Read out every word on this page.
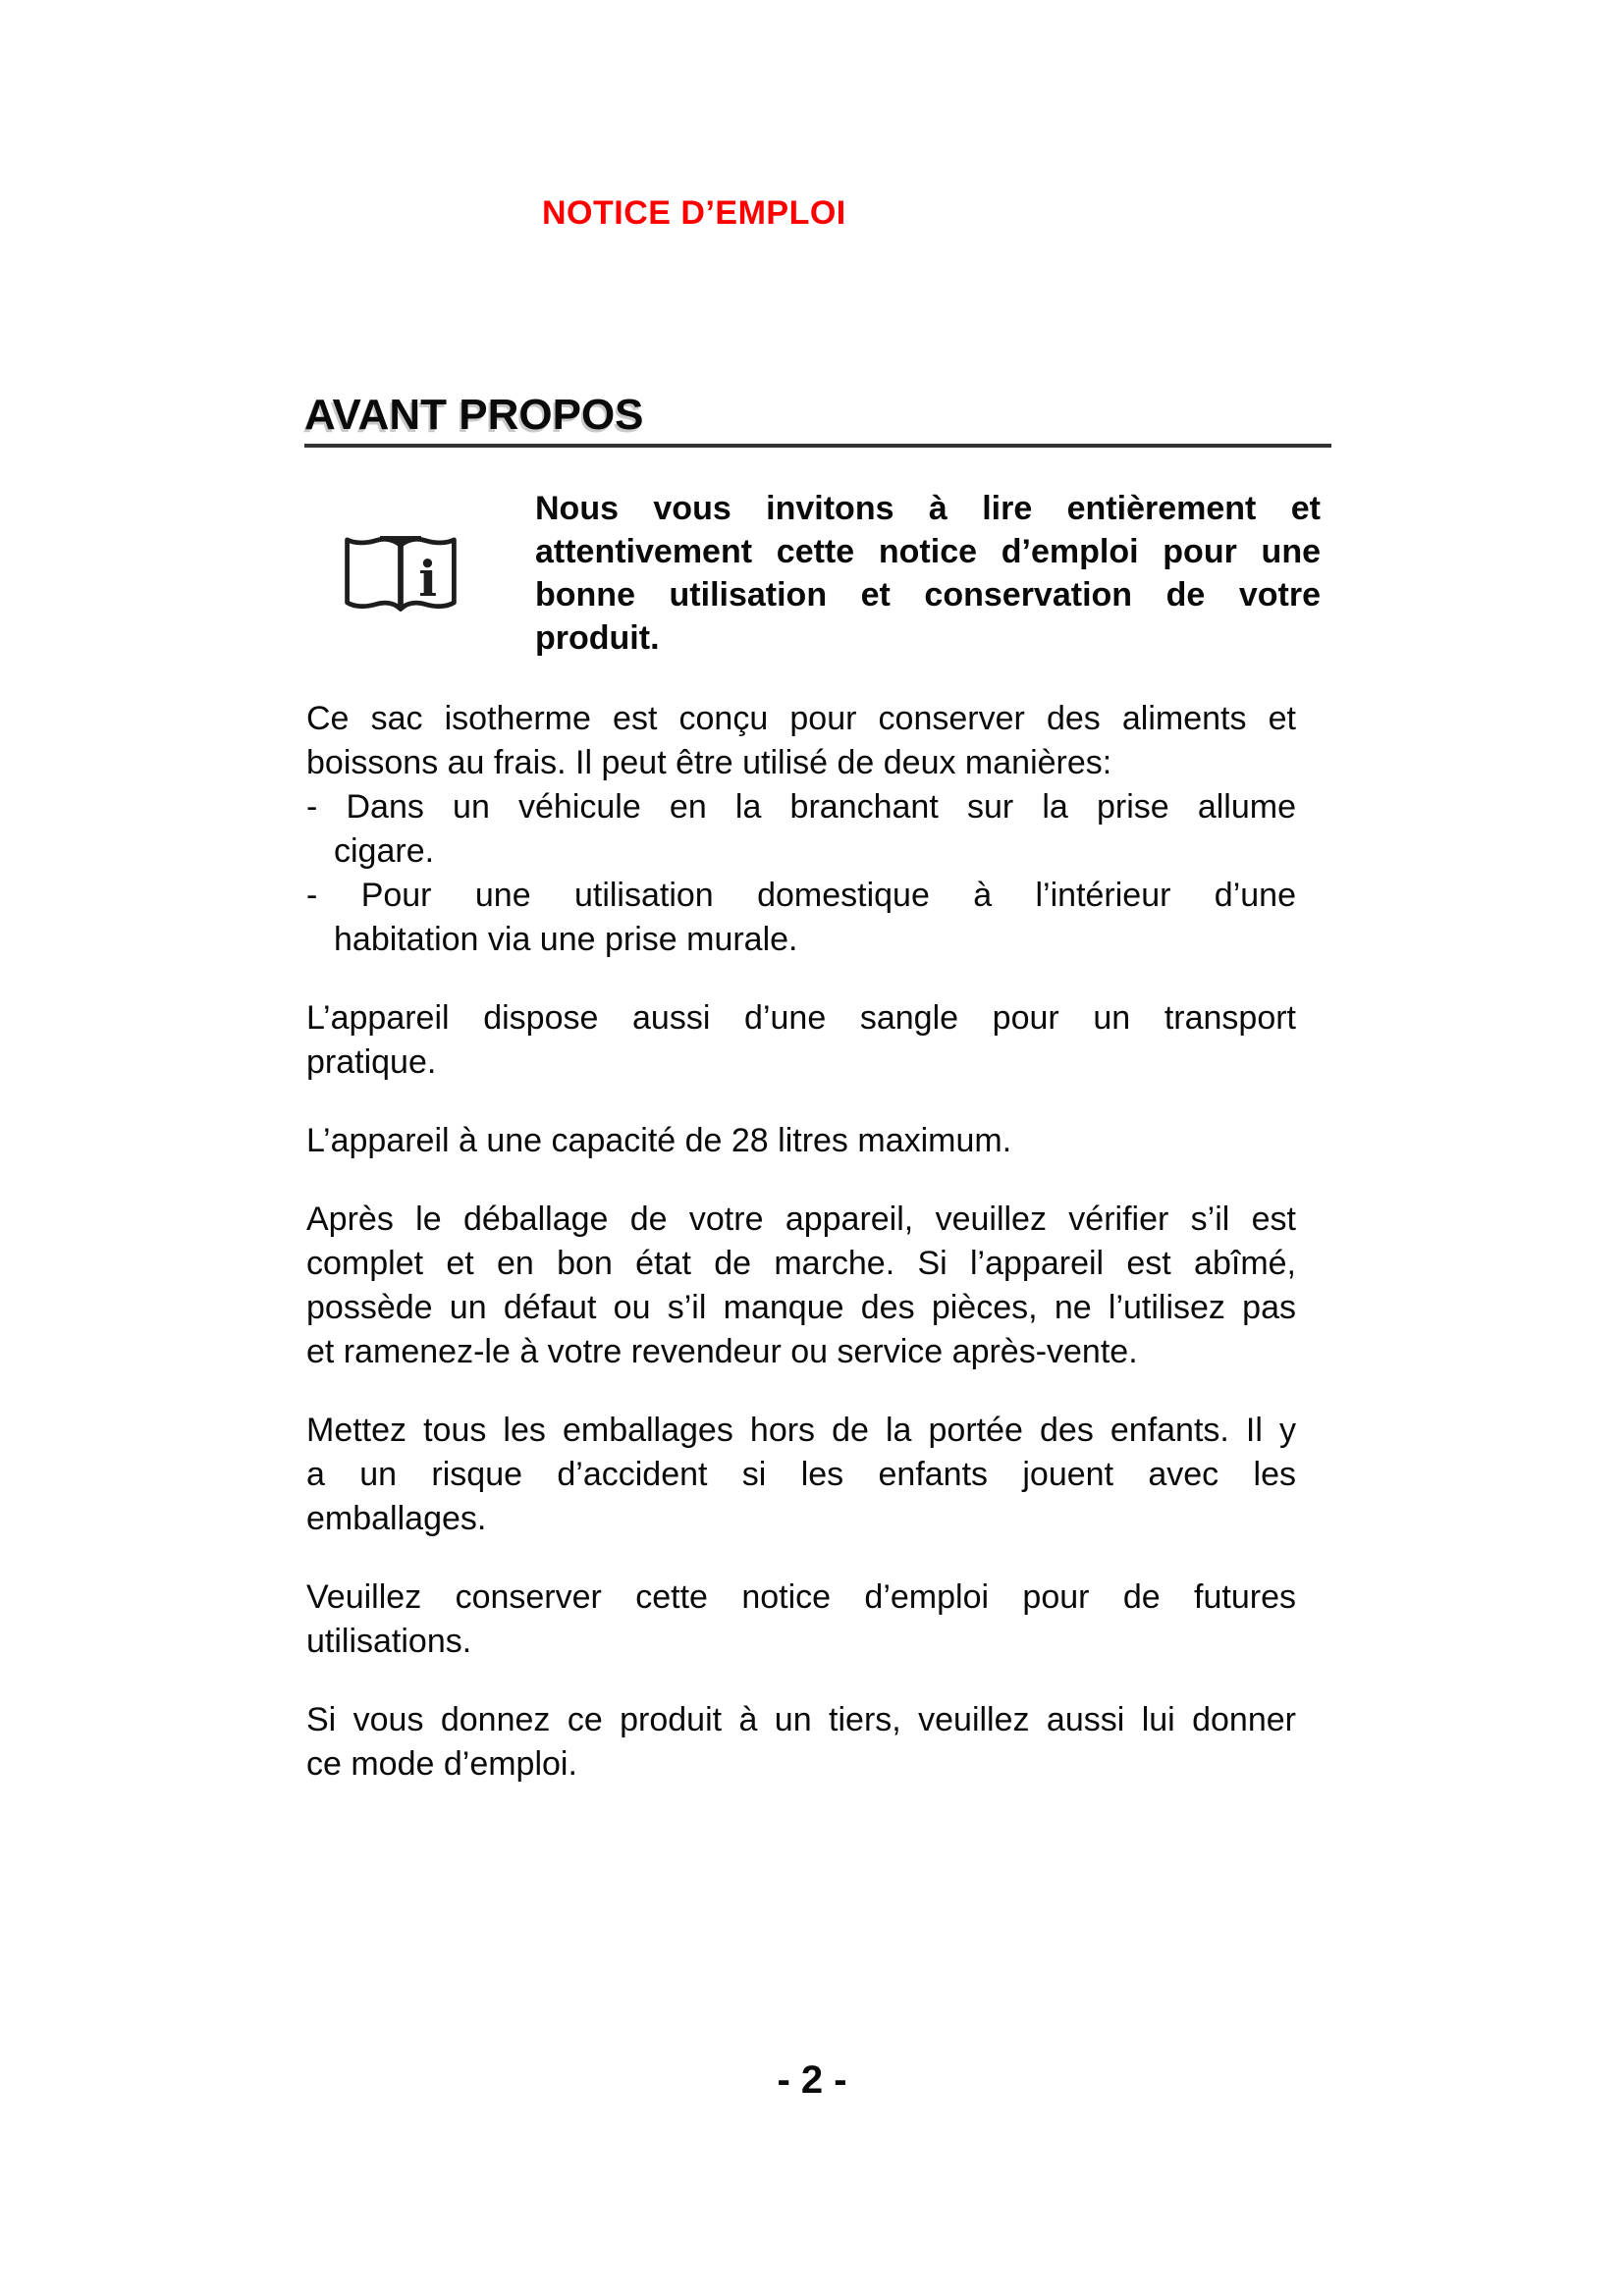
NOTICE D’EMPLOI
AVANT PROPOS
i
Nous vous invitons à lire entièrement et
attentivement cette notice d’emploi pour une
bonne utilisation et conservation de votre
produit.
Ce sac isotherme est conçu pour conserver des aliments et
boissons au frais. Il peut être utilisé de deux manières:
- Dans un véhicule en la branchant sur la prise allume
cigare.
- Pour une utilisation domestique à l’intérieur d’une
habitation via une prise murale.
L’appareil dispose aussi d’une sangle pour un transport
pratique.
L’appareil à une capacité de 28 litres maximum.
Après le déballage de votre appareil, veuillez vérifier s’il est
complet et en bon état de marche. Si l’appareil est abîmé,
possède un défaut ou s’il manque des pièces, ne l’utilisez pas
et ramenez-le à votre revendeur ou service après-vente.
Mettez tous les emballages hors de la portée des enfants. Il y
a un risque d’accident si les enfants jouent avec les
emballages.
Veuillez conserver cette notice d’emploi pour de futures
utilisations.
Si vous donnez ce produit à un tiers, veuillez aussi lui donner
ce mode d’emploi.
- 2 -
